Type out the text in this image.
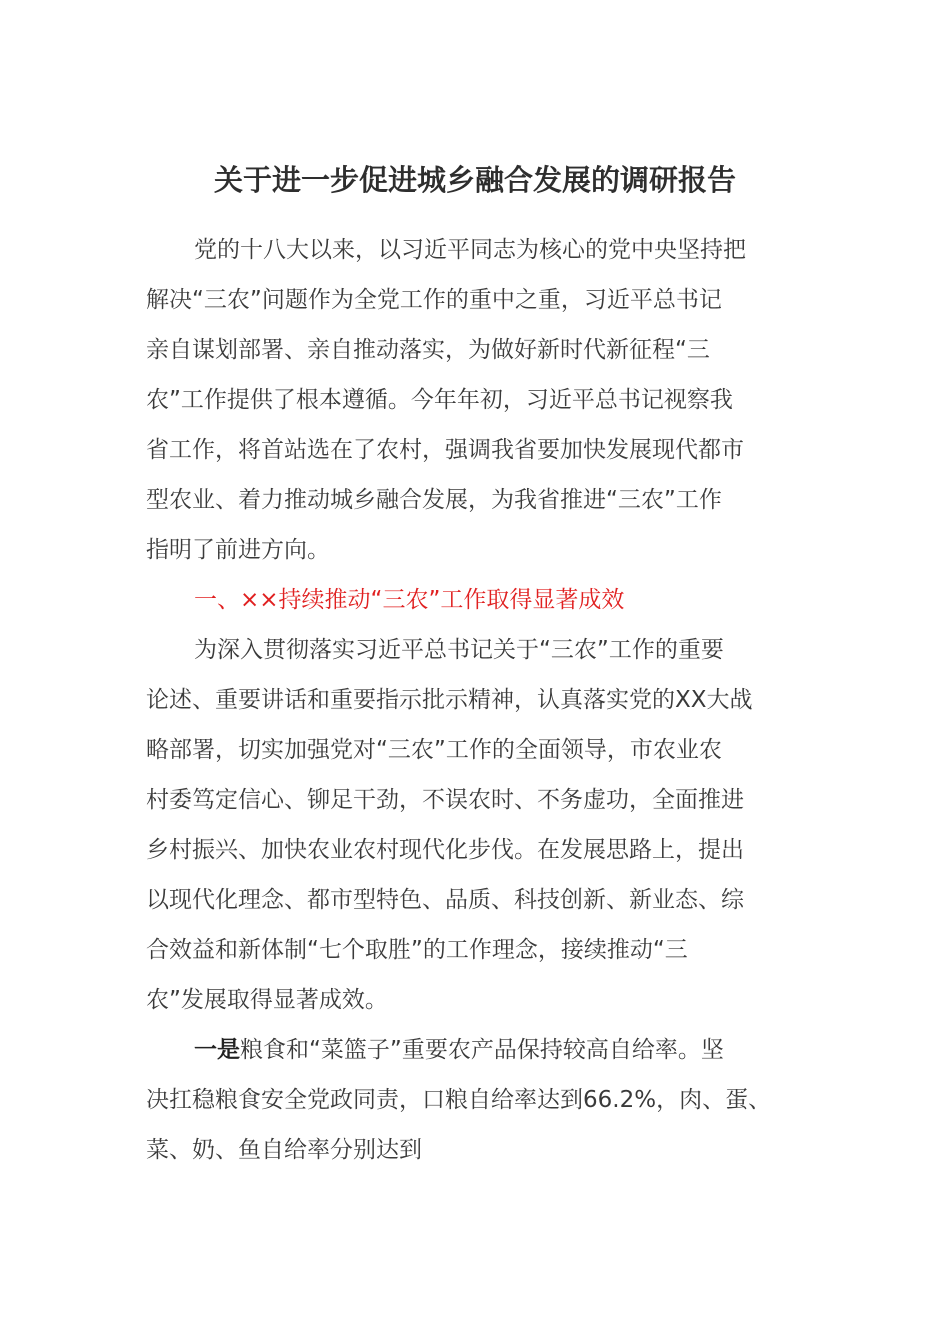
关于进一步促进城乡融合发展的调研报告

党的十八大以来，以习近平同志为核心的党中央坚持把

解决“三农”问题作为全党工作的重中之重，习近平总书记

亲自谋划部署、亲自推动落实，为做好新时代新征程“三

农”工作提供了根本遵循。今年年初，习近平总书记视察我

省工作，将首站选在了农村，强调我省要加快发展现代都市

型农业、着力推动城乡融合发展，为我省推进“三农”工作

指明了前进方向。

一、××持续推动“三农”工作取得显著成效

为深入贯彻落实习近平总书记关于“三农”工作的重要

论述、重要讲话和重要指示批示精神，认真落实党的XX大战

略部署，切实加强党对“三农”工作的全面领导，市农业农

村委笃定信心、铆足干劲，不误农时、不务虚功，全面推进

乡村振兴、加快农业农村现代化步伐。在发展思路上，提出

以现代化理念、都市型特色、品质、科技创新、新业态、综

合效益和新体制“七个取胜”的工作理念，接续推动“三

农”发展取得显著成效。

一是粮食和“菜篮子”重要农产品保持较高自给率。坚

决扛稳粮食安全党政同责，口粮自给率达到66.2%，肉、蛋、

菜、奶、鱼自给率分别达到
